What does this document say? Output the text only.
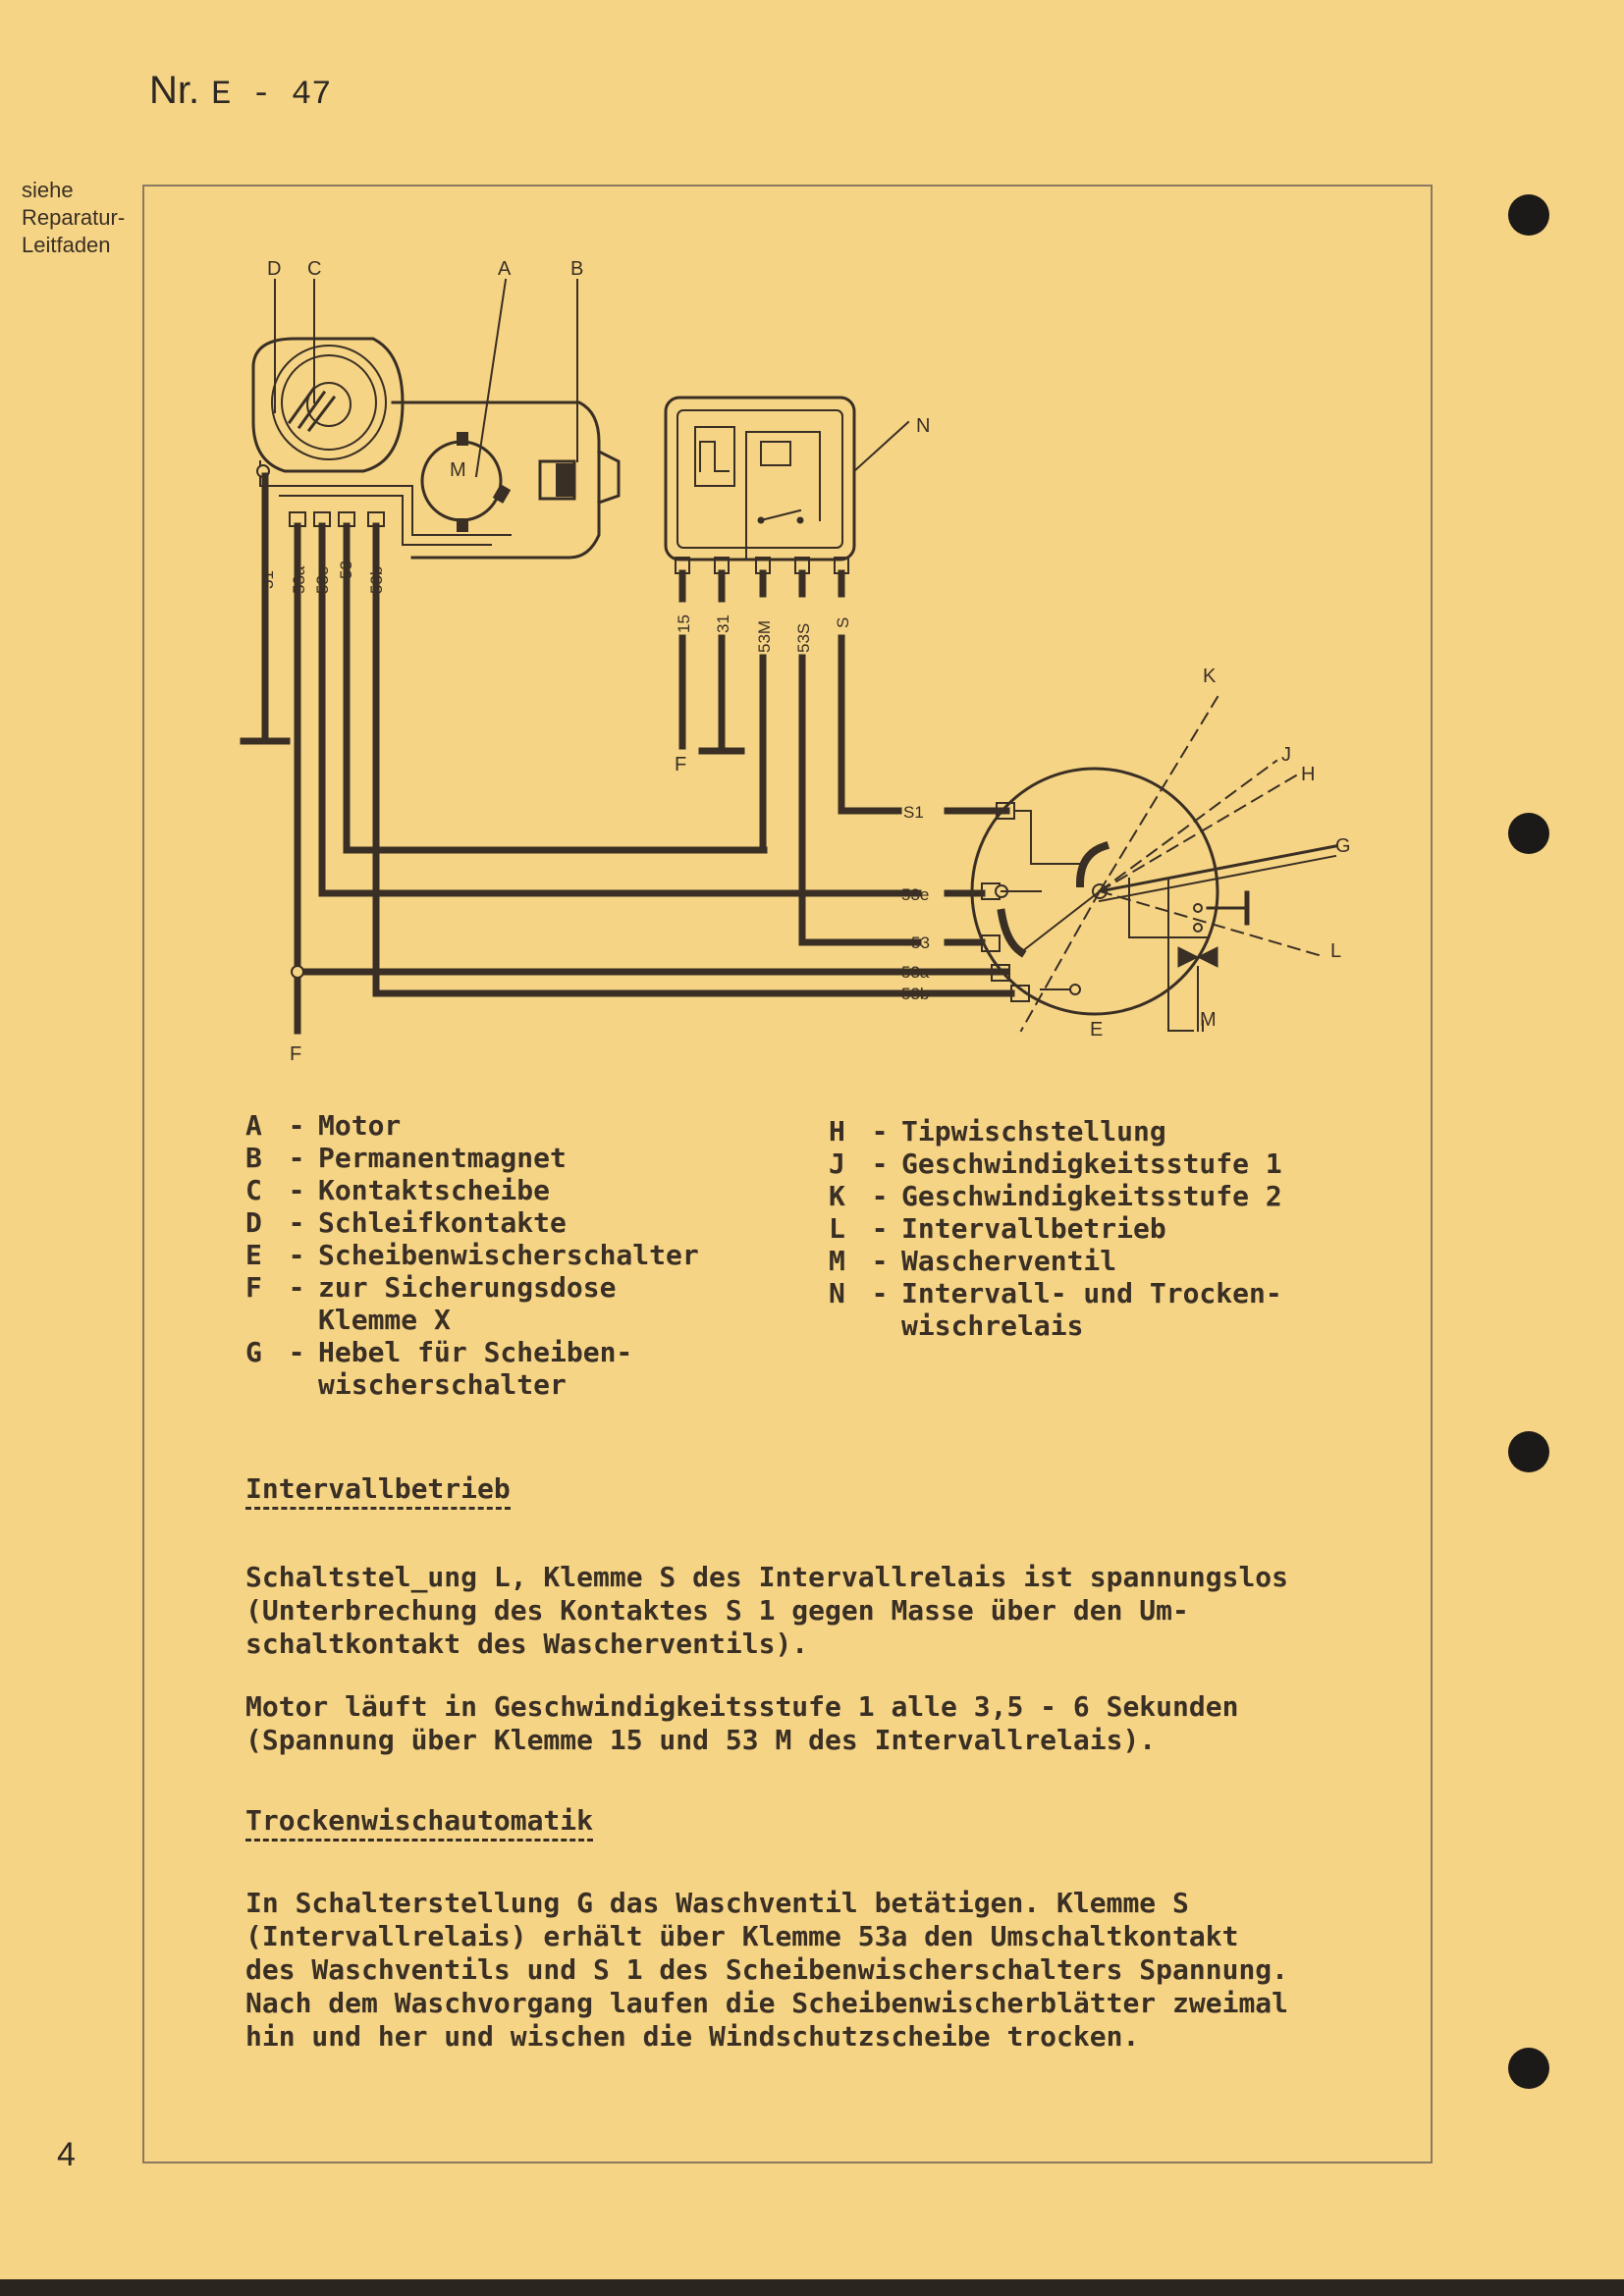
Nr. E - 47
siehe
Reparatur-
Leitfaden
D C	A	B
N
M
K
J
H
G
L
E	M
F
F
31 53a 53e 53 53b
15 31 53M 53S
S
S1
53e
53
53a
53b
A - Motor
B - Permanentmagnet
C - Kontaktscheibe
D - Schleifkontakte
E - Scheibenwischerschalter
F - zur Sicherungsdose
Klemme X
G - Hebel für Scheiben-
wischerschalter
H - Tipwischstellung
J - Geschwindigkeitsstufe 1
K - Geschwindigkeitsstufe 2
L - Intervallbetrieb
M - Wascherventil
N - Intervall- und Trocken-
wischrelais
Intervallbetrieb
Schaltstel_ung L, Klemme S des Intervallrelais ist spannungslos
(Unterbrechung des Kontaktes S 1 gegen Masse über den Um-
schaltkontakt des Wascherventils).
Motor läuft in Geschwindigkeitsstufe 1 alle 3,5 - 6 Sekunden
(Spannung über Klemme 15 und 53 M des Intervallrelais).
Trockenwischautomatik
In Schalterstellung G das Waschventil betätigen. Klemme S
(Intervallrelais) erhält über Klemme 53a den Umschaltkontakt
des Waschventils und S 1 des Scheibenwischerschalters Spannung.
Nach dem Waschvorgang laufen die Scheibenwischerblätter zweimal
hin und her und wischen die Windschutzscheibe trocken.
4
